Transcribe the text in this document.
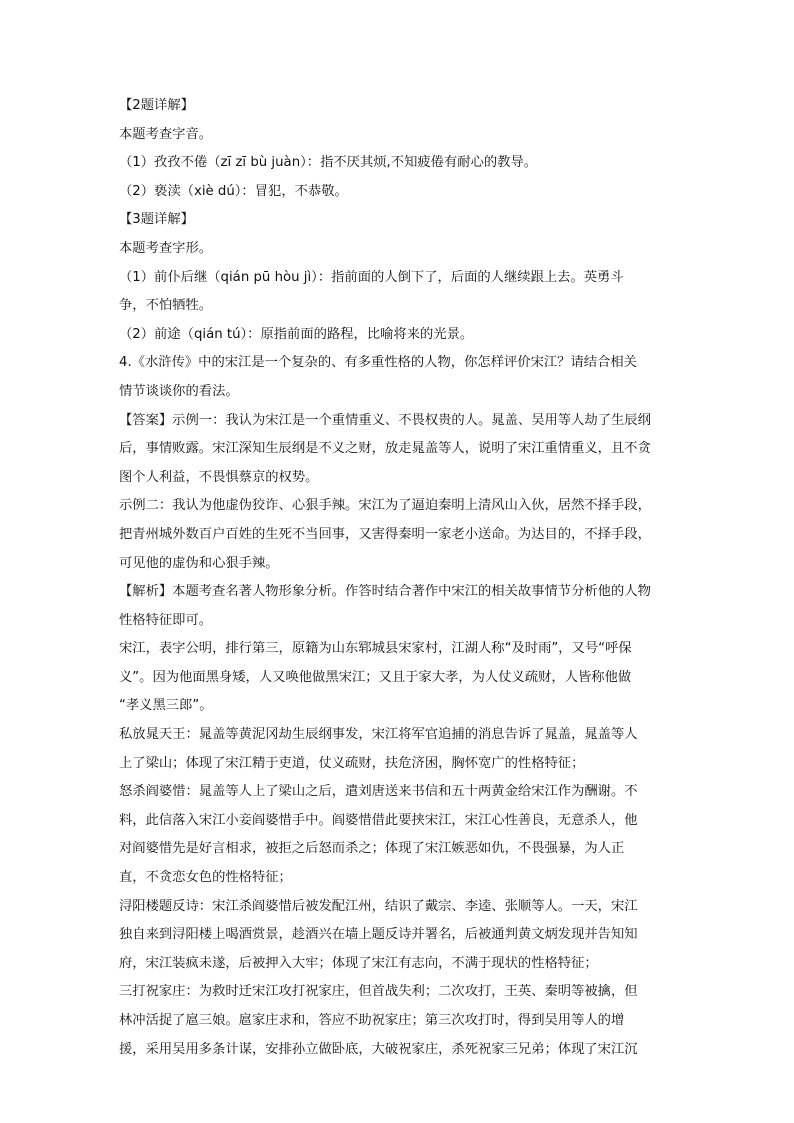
【2题详解】
本题考查字音。
（1）孜孜不倦（zī zī bù juàn）：指不厌其烦,不知疲倦有耐心的教导。
（2）亵渎（xiè dú）：冒犯，不恭敬。
【3题详解】
本题考查字形。
（1）前仆后继（qián pū hòu jì）：指前面的人倒下了，后面的人继续跟上去。英勇斗
争，不怕牺牲。
（2）前途（qián tú）：原指前面的路程，比喻将来的光景。
4.《水浒传》中的宋江是一个复杂的、有多重性格的人物，你怎样评价宋江？请结合相关
情节谈谈你的看法。
【答案】示例一：我认为宋江是一个重情重义、不畏权贵的人。晁盖、吴用等人劫了生辰纲
后，事情败露。宋江深知生辰纲是不义之财，放走晁盖等人，说明了宋江重情重义，且不贪
图个人利益，不畏惧蔡京的权势。
示例二：我认为他虚伪狡诈、心狠手辣。宋江为了逼迫秦明上清风山入伙，居然不择手段，
把青州城外数百户百姓的生死不当回事，又害得秦明一家老小送命。为达目的，不择手段，
可见他的虚伪和心狠手辣。
【解析】本题考查名著人物形象分析。作答时结合著作中宋江的相关故事情节分析他的人物
性格特征即可。
宋江，表字公明，排行第三，原籍为山东郓城县宋家村，江湖人称“及时雨”，又号“呼保
义”。因为他面黑身矮，人又唤他做黑宋江；又且于家大孝，为人仗义疏财，人皆称他做
“孝义黑三郎”。
私放晁天王：晁盖等黄泥冈劫生辰纲事发，宋江将军官追捕的消息告诉了晁盖，晁盖等人
上了梁山；体现了宋江精于吏道，仗义疏财，扶危济困，胸怀宽广的性格特征；
怒杀阎婆惜：晁盖等人上了梁山之后，遣刘唐送来书信和五十两黄金给宋江作为酬谢。不
料，此信落入宋江小妾阎婆惜手中。阎婆惜借此要挟宋江，宋江心性善良，无意杀人，他
对阎婆惜先是好言相求，被拒之后怒而杀之；体现了宋江嫉恶如仇，不畏强暴，为人正
直，不贪恋女色的性格特征；
浔阳楼题反诗：宋江杀阎婆惜后被发配江州，结识了戴宗、李逵、张顺等人。一天，宋江
独自来到浔阳楼上喝酒赏景，趁酒兴在墙上题反诗并署名，后被通判黄文炳发现并告知知
府，宋江装疯未遂，后被押入大牢；体现了宋江有志向，不满于现状的性格特征；
三打祝家庄：为救时迁宋江攻打祝家庄，但首战失利；二次攻打，王英、秦明等被擒，但
林冲活捉了扈三娘。扈家庄求和，答应不助祝家庄；第三次攻打时，得到吴用等人的增
援，采用吴用多条计谋，安排孙立做卧底，大破祝家庄，杀死祝家三兄弟；体现了宋江沉
